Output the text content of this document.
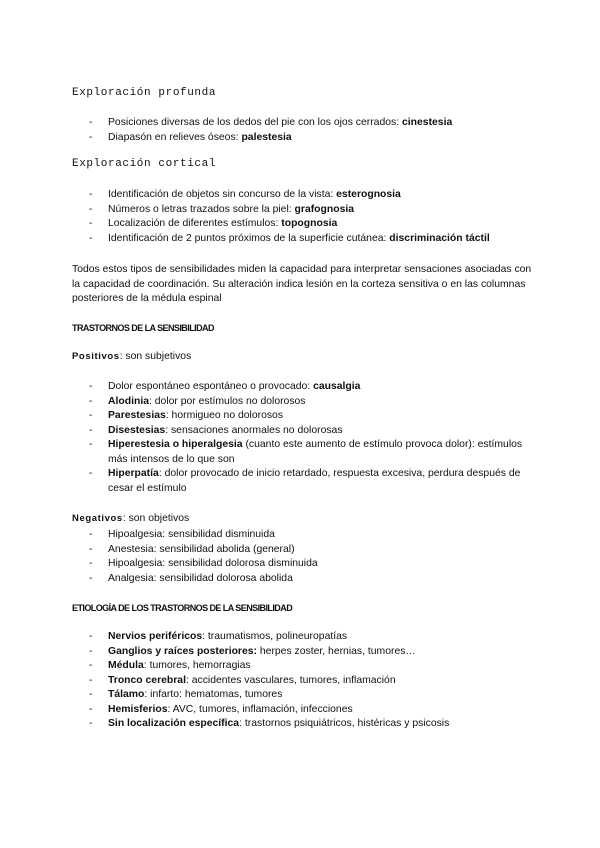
Exploración profunda
- Posiciones diversas de los dedos del pie con los ojos cerrados: cinestesia
- Diapasón en relieves óseos: palestesia
Exploración cortical
- Identificación de objetos sin concurso de la vista: esterognosia
- Números o letras trazados sobre la piel: grafognosia
- Localización de diferentes estímulos: topognosia
- Identificación de 2 puntos próximos de la superficie cutánea: discriminación táctil
Todos estos tipos de sensibilidades miden la capacidad para interpretar sensaciones asociadas con la capacidad de coordinación. Su alteración indica lesión en la corteza sensitiva o en las columnas posteriores de la médula espinal
TRASTORNOS DE LA SENSIBILIDAD
Positivos: son subjetivos
- Dolor espontáneo espontáneo o provocado: causalgia
- Alodinia: dolor por estímulos no dolorosos
- Parestesias: hormigueo no dolorosos
- Disestesias: sensaciones anormales no dolorosas
- Hiperestesia o hiperalgesia (cuanto este aumento de estímulo provoca dolor): estímulos más intensos de lo que son
- Hiperpatía: dolor provocado de inicio retardado, respuesta excesiva, perdura después de cesar el estímulo
Negativos: son objetivos
- Hipoalgesia: sensibilidad disminuida
- Anestesia: sensibilidad abolida (general)
- Hipoalgesia: sensibilidad dolorosa disminuida
- Analgesia: sensibilidad dolorosa abolida
ETIOLOGÍA DE LOS TRASTORNOS DE LA SENSIBILIDAD
- Nervios periféricos: traumatismos, polineuropatías
- Ganglios y raíces posteriores: herpes zoster, hernias, tumores…
- Médula: tumores, hemorragias
- Tronco cerebral: accidentes vasculares, tumores, inflamación
- Tálamo: infarto: hematomas, tumores
- Hemisferios: AVC, tumores, inflamación, infecciones
- Sin localización específica: trastornos psiquiátricos, histéricas y psicosis
